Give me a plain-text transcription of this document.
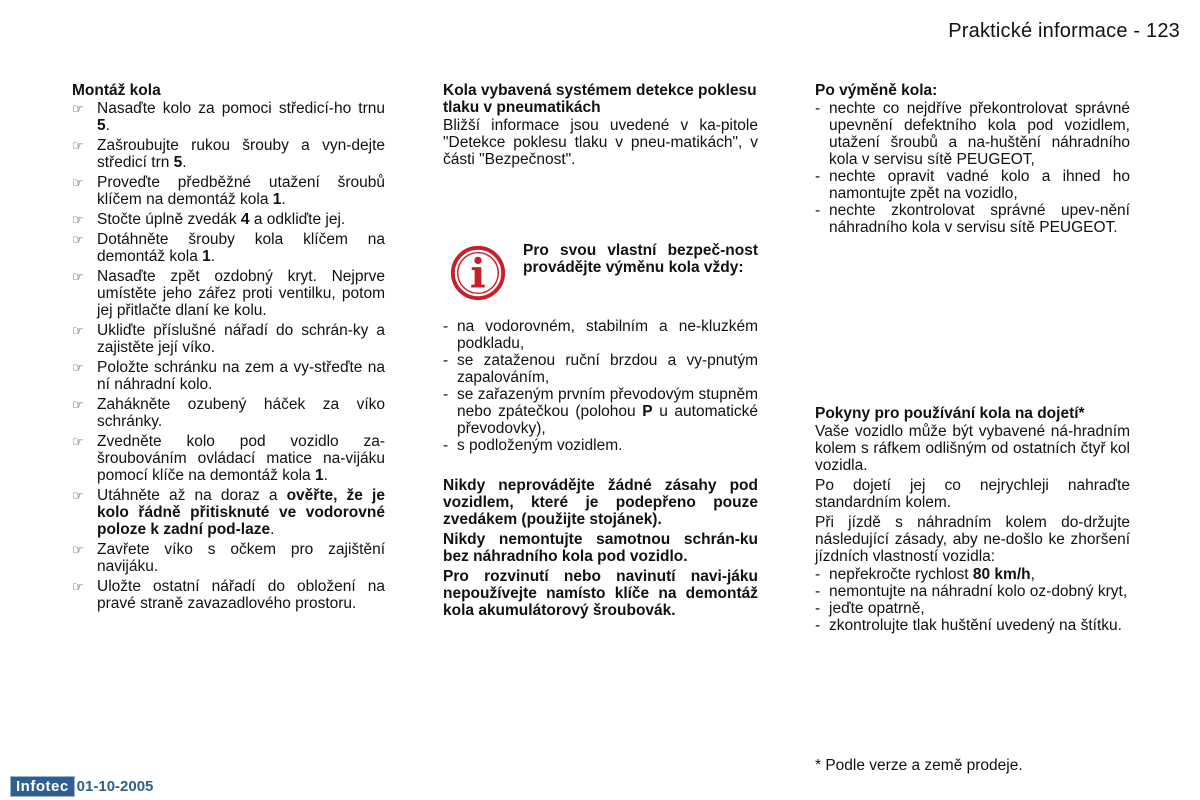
Praktické informace - 123

Montáž kola

☞ Nasaďte kolo za pomoci středicí-ho trnu 5.
☞ Zašroubujte rukou šrouby a vyn-dejte středicí trn 5.
☞ Proveďte předběžné utažení šroubů klíčem na demontáž kola 1.
☞ Stočte úplně zvedák 4 a odkliďte jej.
☞ Dotáhněte šrouby kola klíčem na demontáž kola 1.
☞ Nasaďte zpět ozdobný kryt. Nejprve umístěte jeho zářez proti ventilku, potom jej přitlačte dlaní ke kolu.
☞ Ukliďte příslušné nářadí do schrán-ky a zajistěte její víko.
☞ Položte schránku na zem a vy-střeďte na ní náhradní kolo.
☞ Zahákněte ozubený háček za víko schránky.
☞ Zvedněte kolo pod vozidlo za-šroubováním ovládací matice na-vijáku pomocí klíče na demontáž kola 1.
☞ Utáhněte až na doraz a ověřte, že je kolo řádně přitisknuté ve vodorovné poloze k zadní pod-laze.
☞ Zavřete víko s očkem pro zajištění navijáku.
☞ Uložte ostatní nářadí do obložení na pravé straně zavazadlového prostoru.

Kola vybavená systémem detekce poklesu tlaku v pneumatikách

Bližší informace jsou uvedené v ka-pitole "Detekce poklesu tlaku v pneu-matikách", v části "Bezpečnost".

Pro svou vlastní bezpeč-nost provádějte výměnu kola vždy:
- na vodorovném, stabilním a ne-kluzkém podkladu,
- se zataženou ruční brzdou a vy-pnutým zapalováním,
- se zařazeným prvním převodovým stupněm nebo zpátečkou (polohou P u automatické převodovky),
- s podloženým vozidlem.

Nikdy neprovádějte žádné zásahy pod vozidlem, které je podepřeno pouze zvedákem (použijte stojánek).

Nikdy nemontujte samotnou schrán-ku bez náhradního kola pod vozidlo.

Pro rozvinutí nebo navinutí navi-jáku nepoužívejte namísto klíče na demontáž kola akumulátorový šroubovák.

Po výměně kola:

- nechte co nejdříve překontrolovat správné upevnění defektního kola pod vozidlem, utažení šroubů a na-huštění náhradního kola v servisu sítě PEUGEOT,
- nechte opravit vadné kolo a ihned ho namontujte zpět na vozidlo,
- nechte zkontrolovat správné upev-nění náhradního kola v servisu sítě PEUGEOT.

Pokyny pro používání kola na dojetí*

Vaše vozidlo může být vybavené ná-hradním kolem s ráfkem odlišným od ostatních čtyř kol vozidla.

Po dojetí jej co nejrychleji nahraďte standardním kolem.

Při jízdě s náhradním kolem do-držujte následující zásady, aby ne-došlo ke zhoršení jízdních vlastností vozidla:

- nepřekročte rychlost 80 km/h,
- nemontujte na náhradní kolo oz-dobný kryt,
- jeďte opatrně,
- zkontrolujte tlak huštění uvedený na štítku.
* Podle verze a země prodeje.
Infotec 01-10-2005
